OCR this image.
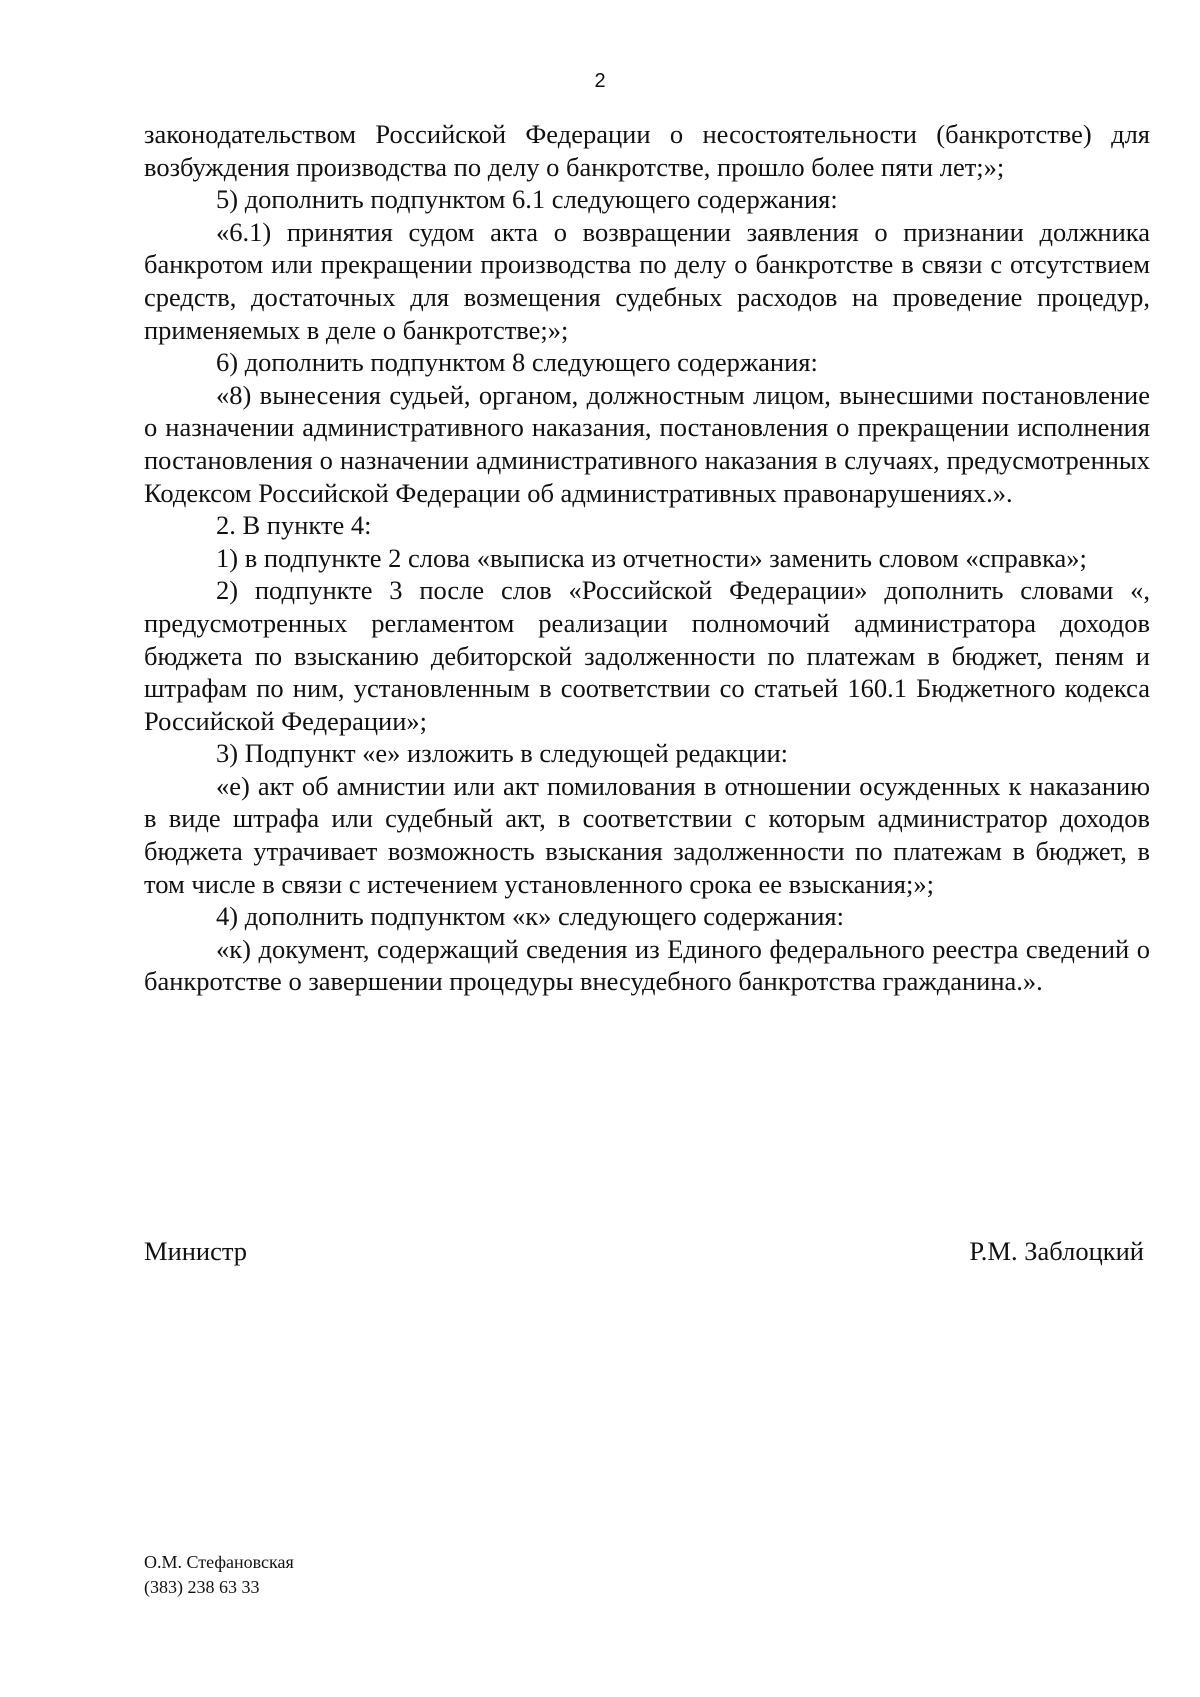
2

законодательством Российской Федерации о несостоятельности (банкротстве) для возбуждения производства по делу о банкротстве, прошло более пяти лет;»;

5) дополнить подпунктом 6.1 следующего содержания:

«6.1) принятия судом акта о возвращении заявления о признании должника банкротом или прекращении производства по делу о банкротстве в связи с отсутствием средств, достаточных для возмещения судебных расходов на проведение процедур, применяемых в деле о банкротстве;»;

6) дополнить подпунктом 8 следующего содержания:

«8) вынесения судьей, органом, должностным лицом, вынесшими постановление о назначении административного наказания, постановления о прекращении исполнения постановления о назначении административного наказания в случаях, предусмотренных Кодексом Российской Федерации об административных правонарушениях.».

2. В пункте 4:

1) в подпункте 2 слова «выписка из отчетности» заменить словом «справка»;

2) подпункте 3 после слов «Российской Федерации» дополнить словами «, предусмотренных регламентом реализации полномочий администратора доходов бюджета по взысканию дебиторской задолженности по платежам в бюджет, пеням и штрафам по ним, установленным в соответствии со статьей 160.1 Бюджетного кодекса Российской Федерации»;

3) Подпункт «е» изложить в следующей редакции:

«е) акт об амнистии или акт помилования в отношении осужденных к наказанию в виде штрафа или судебный акт, в соответствии с которым администратор доходов бюджета утрачивает возможность взыскания задолженности по платежам в бюджет, в том числе в связи с истечением установленного срока ее взыскания;»;

4) дополнить подпунктом «к» следующего содержания:

«к) документ, содержащий сведения из Единого федерального реестра сведений о банкротстве о завершении процедуры внесудебного банкротства гражданина.».

Министр	Р.М. Заблоцкий
О.М. Стефановская
(383) 238 63 33
